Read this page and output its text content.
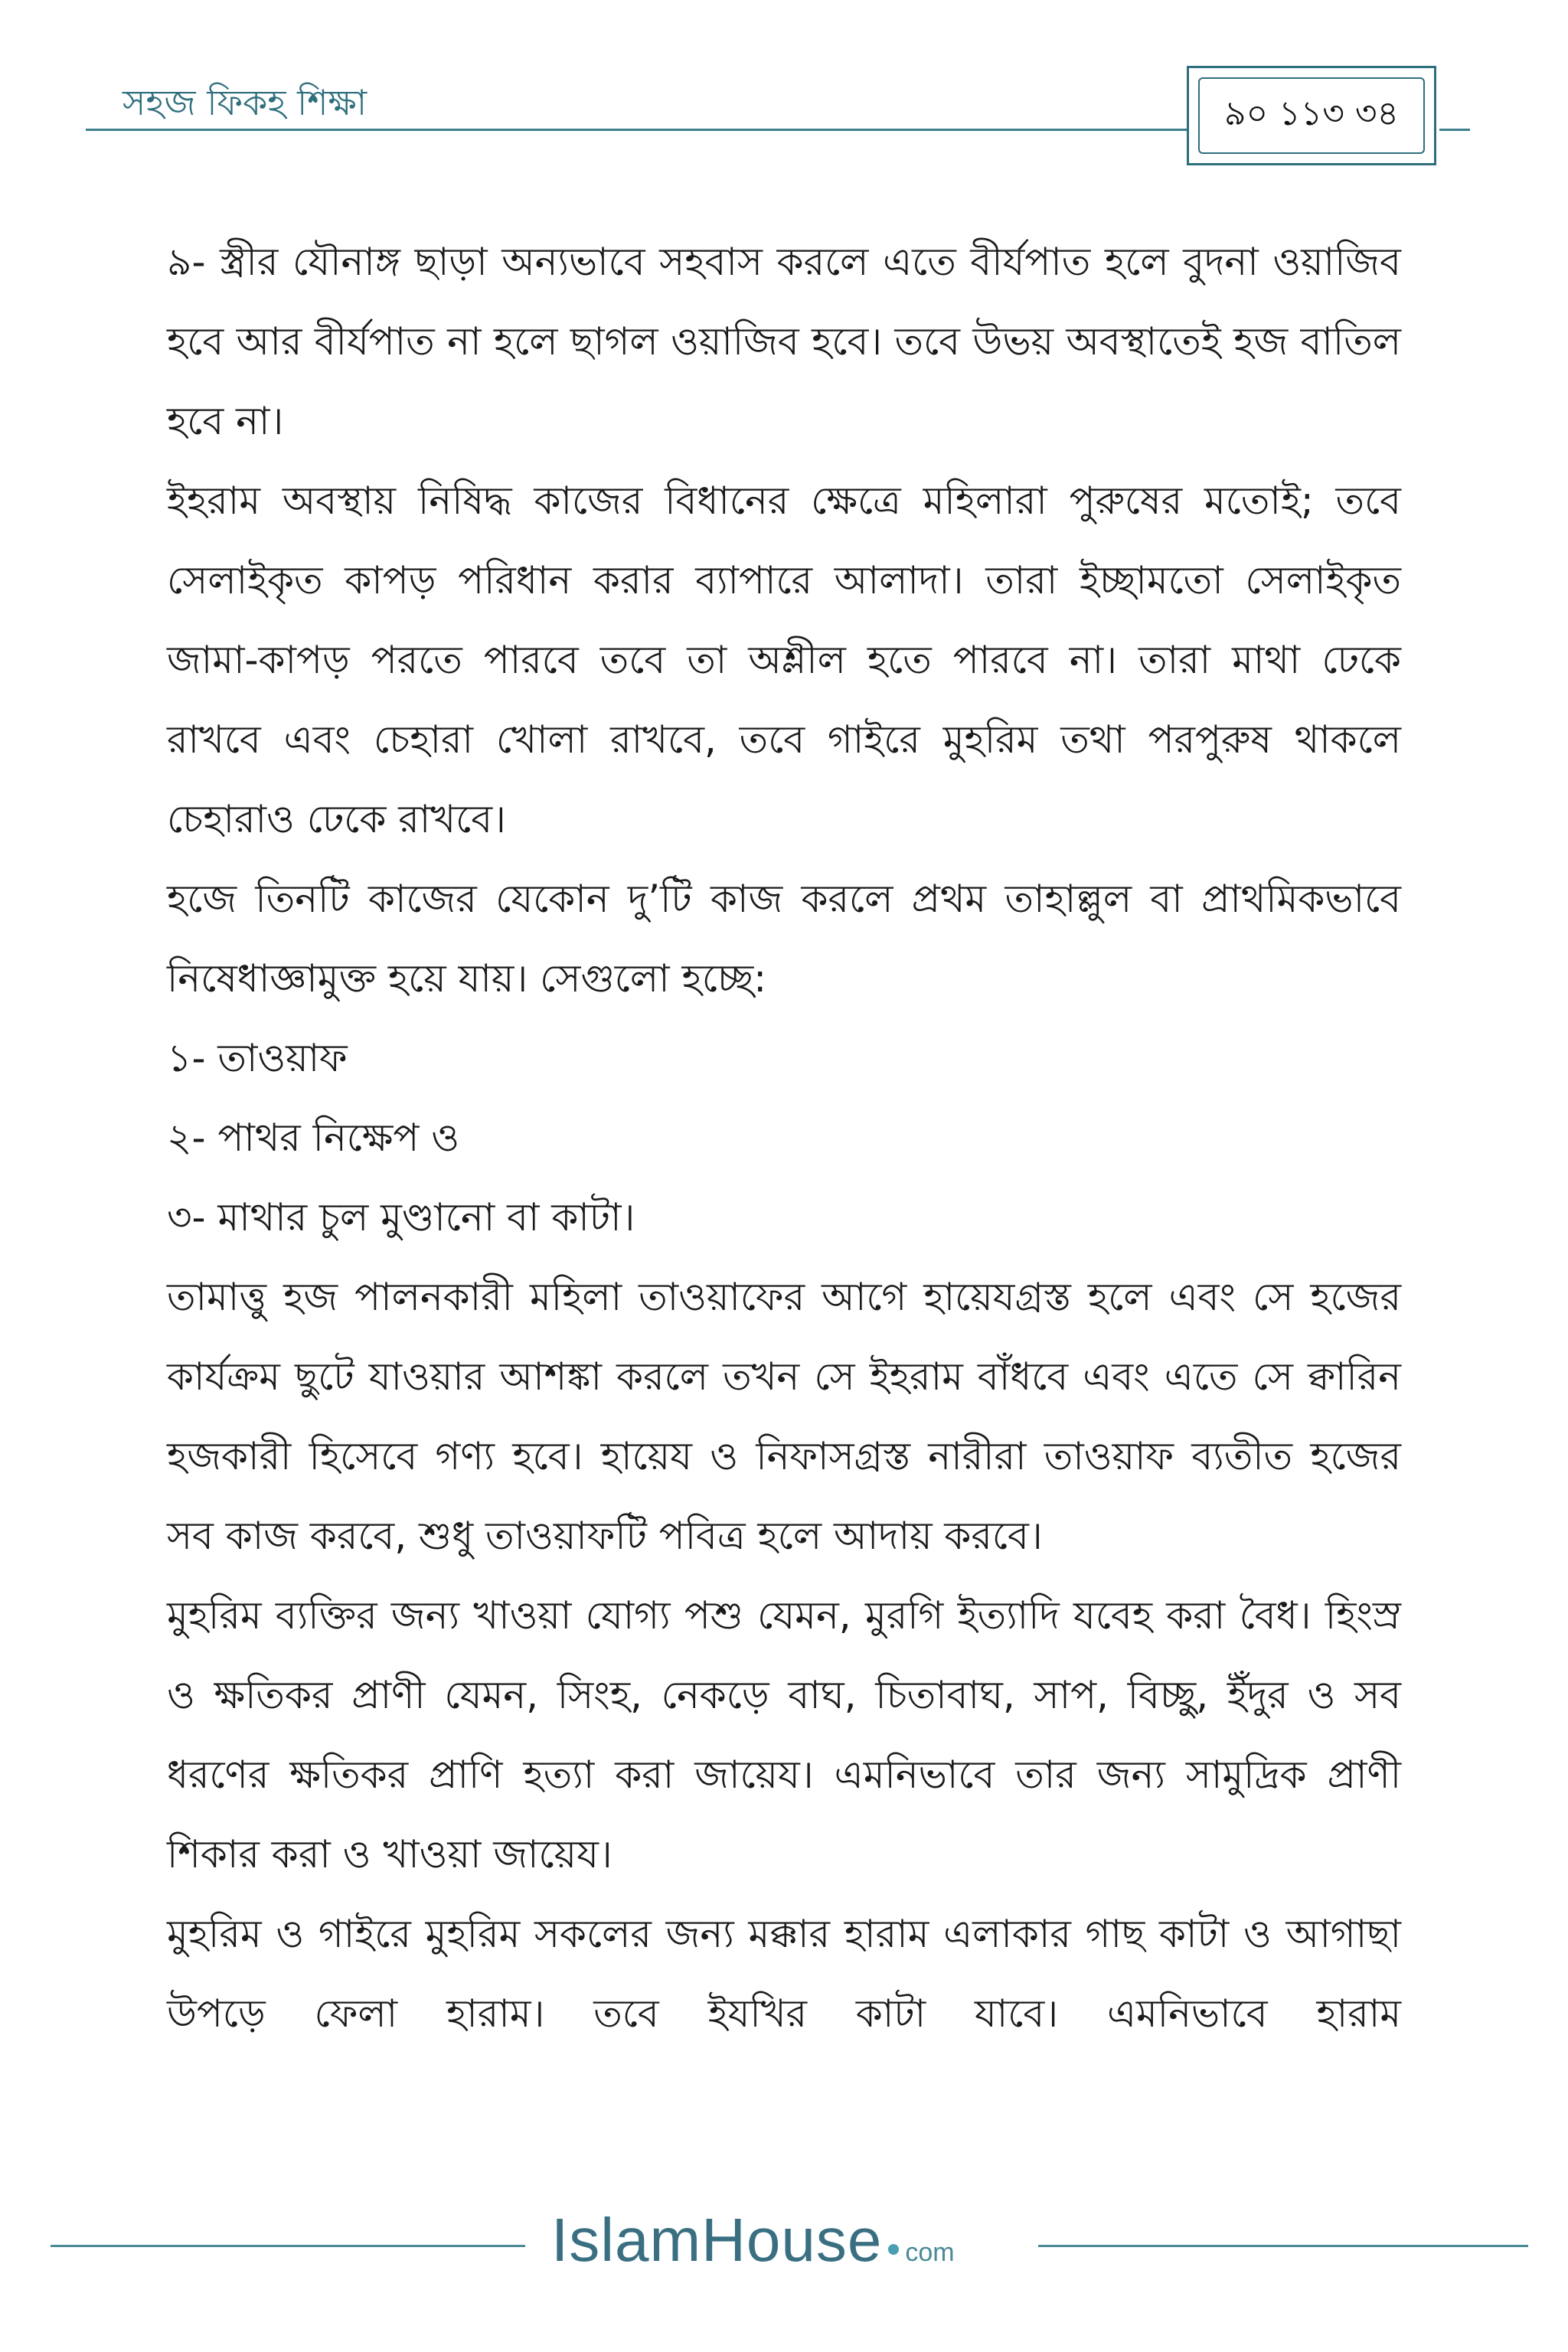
সহজ ফিকহ শিক্ষা	৯০ ১১৩ ৩৪

৯- স্ত্রীর যৌনাঙ্গ ছাড়া অন্যভাবে সহবাস করলে এতে বীর্যপাত হলে বুদনা ওয়াজিব হবে আর বীর্যপাত না হলে ছাগল ওয়াজিব হবে। তবে উভয় অবস্থাতেই হজ বাতিল হবে না।

ইহরাম অবস্থায় নিষিদ্ধ কাজের বিধানের ক্ষেত্রে মহিলারা পুরুষের মতোই; তবে সেলাইকৃত কাপড় পরিধান করার ব্যাপারে আলাদা। তারা ইচ্ছামতো সেলাইকৃত জামা-কাপড় পরতে পারবে তবে তা অশ্লীল হতে পারবে না। তারা মাথা ঢেকে রাখবে এবং চেহারা খোলা রাখবে, তবে গাইরে মুহরিম তথা পরপুরুষ থাকলে চেহারাও ঢেকে রাখবে।

হজে তিনটি কাজের যেকোন দু’টি কাজ করলে প্রথম তাহাল্লুল বা প্রাথমিকভাবে নিষেধাজ্ঞামুক্ত হয়ে যায়। সেগুলো হচ্ছে:

১- তাওয়াফ

২- পাথর নিক্ষেপ ও

৩- মাথার চুল মুণ্ডানো বা কাটা।

তামাত্তু হজ পালনকারী মহিলা তাওয়াফের আগে হায়েযগ্রস্ত হলে এবং সে হজের কার্যক্রম ছুটে যাওয়ার আশঙ্কা করলে তখন সে ইহরাম বাঁধবে এবং এতে সে ক্বারিন হজকারী হিসেবে গণ্য হবে। হায়েয ও নিফাসগ্রস্ত নারীরা তাওয়াফ ব্যতীত হজের সব কাজ করবে, শুধু তাওয়াফটি পবিত্র হলে আদায় করবে।

মুহরিম ব্যক্তির জন্য খাওয়া যোগ্য পশু যেমন, মুরগি ইত্যাদি যবেহ করা বৈধ। হিংস্র ও ক্ষতিকর প্রাণী যেমন, সিংহ, নেকড়ে বাঘ, চিতাবাঘ, সাপ, বিচ্ছু, ইঁদুর ও সব ধরণের ক্ষতিকর প্রাণি হত্যা করা জায়েয। এমনিভাবে তার জন্য সামুদ্রিক প্রাণী শিকার করা ও খাওয়া জায়েয।

মুহরিম ও গাইরে মুহরিম সকলের জন্য মক্কার হারাম এলাকার গাছ কাটা ও আগাছা উপড়ে ফেলা হারাম। তবে ইযখির কাটা যাবে। এমনিভাবে হারাম

IslamHouse com
